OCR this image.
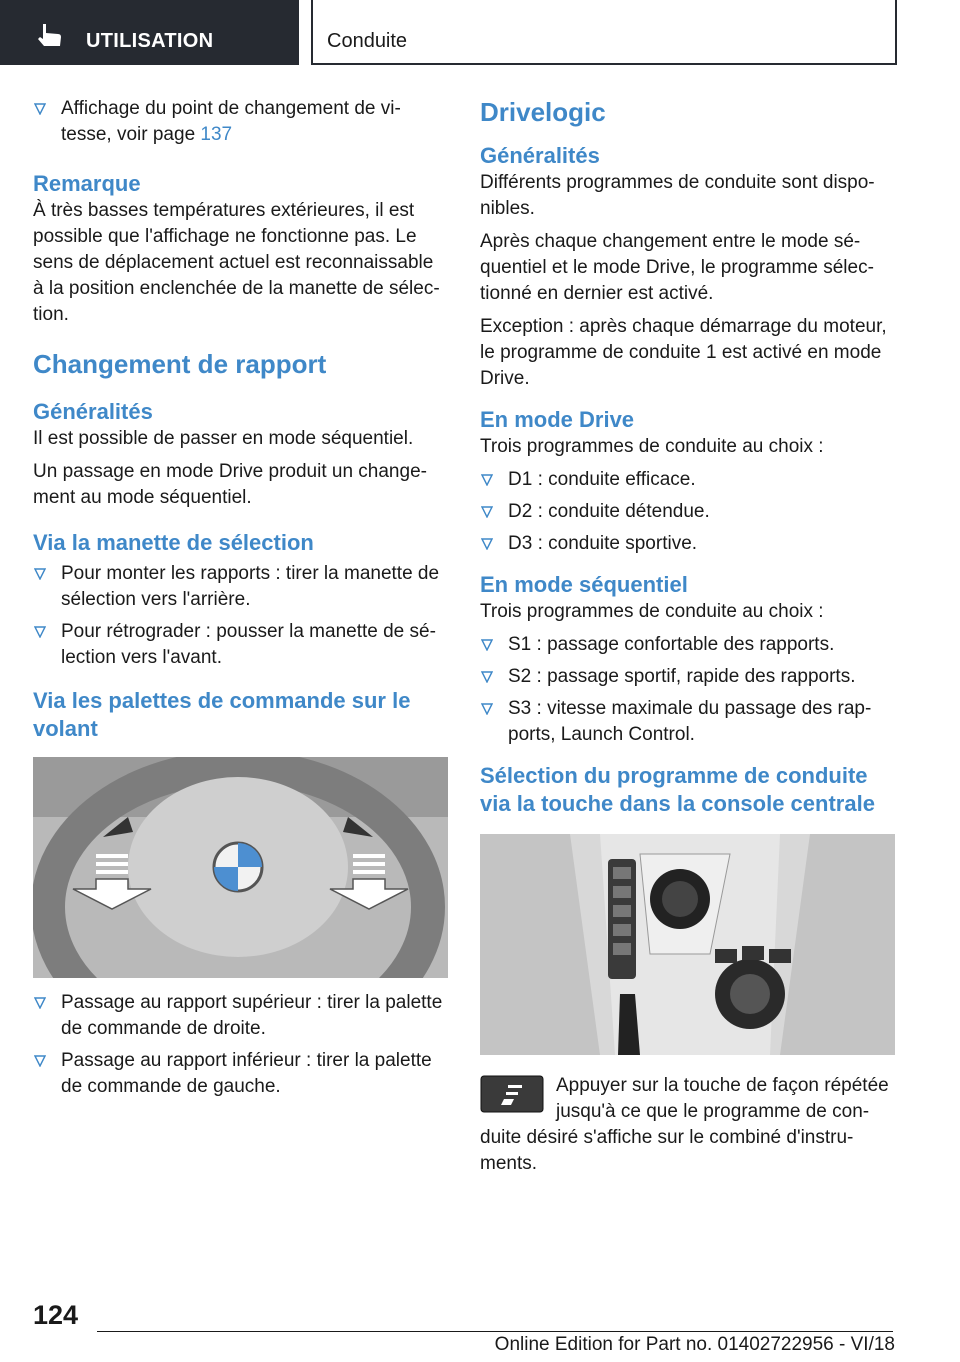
UTILISATION	Conduite
Affichage du point de changement de vi‐ tesse, voir page 137
Remarque

À très basses températures extérieures, il est possible que l'affichage ne fonctionne pas. Le sens de déplacement actuel est reconnaissable à la position enclenchée de la manette de sélec‐ tion.

Changement de rapport
Généralités

Il est possible de passer en mode séquentiel.

Un passage en mode Drive produit un change‐ ment au mode séquentiel.

Via la manette de sélection
Pour monter les rapports : tirer la manette de sélection vers l'arrière.
Pour rétrograder : pousser la manette de sé‐ lection vers l'avant.
Via les palettes de commande sur le volant
Passage au rapport supérieur : tirer la palette de commande de droite.
Passage au rapport inférieur : tirer la palette de commande de gauche.
Drivelogic
Généralités

Différents programmes de conduite sont dispo‐ nibles.

Après chaque changement entre le mode sé‐ quentiel et le mode Drive, le programme sélec‐ tionné en dernier est activé.

Exception : après chaque démarrage du moteur, le programme de conduite 1 est activé en mode Drive.

En mode Drive

Trois programmes de conduite au choix :

D1 : conduite efficace.
D2 : conduite détendue.
D3 : conduite sportive.
En mode séquentiel

Trois programmes de conduite au choix :

S1 : passage confortable des rapports.
S2 : passage sportif, rapide des rapports.
S3 : vitesse maximale du passage des rap‐ ports, Launch Control.
Sélection du programme de conduite via la touche dans la console centrale

Appuyer sur la touche de façon répétée jusqu'à ce que le programme de con‐ duite désiré s'affiche sur le combiné d'instru‐ ments.

124
Online Edition for Part no. 01402722956 - VI/18
